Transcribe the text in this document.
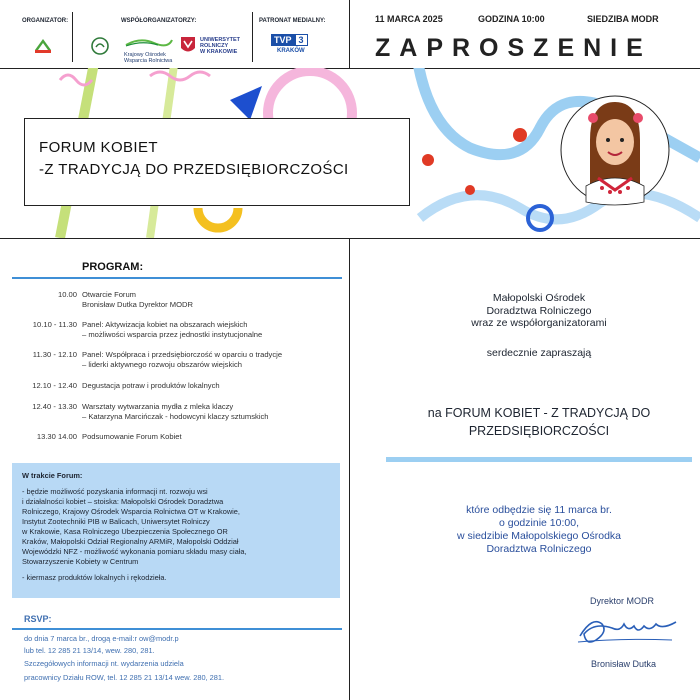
ORGANIZATOR:	WSPÓŁORGANIZATORZY:
Krajowy Ośrodek
Wsparcia Rolnictwa
UNIWERSYTET
ROLNICZY
W KRAKOWIE
PATRONAT MEDIALNY:
TVP 3
KRAKÓW
11 MARCA 2025	GODZINA 10:00	SIEDZIBA MODR
ZAPROSZENIE
FORUM KOBIET
-Z TRADYCJĄ DO PRZEDSIĘBIORCZOŚCI
PROGRAM:
10.00 Otwarcie Forum
Bronisław Dutka Dyrektor MODR
10.10 - 11.30 Panel: Aktywizacja kobiet na obszarach wiejskich
– możliwości wsparcia przez jednostki instytucjonalne
11.30 - 12.10 Panel: Współpraca i przedsiębiorczość w oparciu o tradycje
– liderki aktywnego rozwoju obszarów wiejskich
12.10 - 12.40 Degustacja potraw i produktów lokalnych
12.40 - 13.30 Warsztaty wytwarzania mydła z mleka klaczy
– Katarzyna Marcińczak - hodowcyni klaczy sztumskich
13.30 14.00 Podsumowanie Forum Kobiet
W trakcie Forum:
- będzie możliwość pozyskania informacji nt. rozwoju wsi
i działalności kobiet – stoiska: Małopolski Ośrodek Doradztwa
Rolniczego, Krajowy Ośrodek Wsparcia Rolnictwa OT w Krakowie,
Instytut Zootechniki PIB w Balicach, Uniwersytet Rolniczy
w Krakowie, Kasa Rolniczego Ubezpieczenia Społecznego OR
Kraków, Małopolski Odział Regionalny ARMiR, Małopolski Oddział
Wojewódzki NFZ - możliwość wykonania pomiaru składu masy ciała,
Stowarzyszenie Kobiety w Centrum
- kiermasz produktów lokalnych i rękodzieła.
RSVP:
do dnia 7 marca br., drogą e-mail:r ow@modr.p
lub tel. 12 285 21 13/14, wew. 280, 281.
Szczegółowych informacji nt. wydarzenia udziela
pracownicy Działu ROW, tel. 12 285 21 13/14 wew. 280, 281.
Małopolski Ośrodek
Doradztwa Rolniczego
wraz ze współorganizatorami
serdecznie zapraszają
na FORUM KOBIET - Z TRADYCJĄ DO
PRZEDSIĘBIORCZOŚCI
które odbędzie się 11 marca br.
o godzinie 10:00,
w siedzibie Małopolskiego Ośrodka
Doradztwa Rolniczego
Dyrektor MODR
Bronisław Dutka
